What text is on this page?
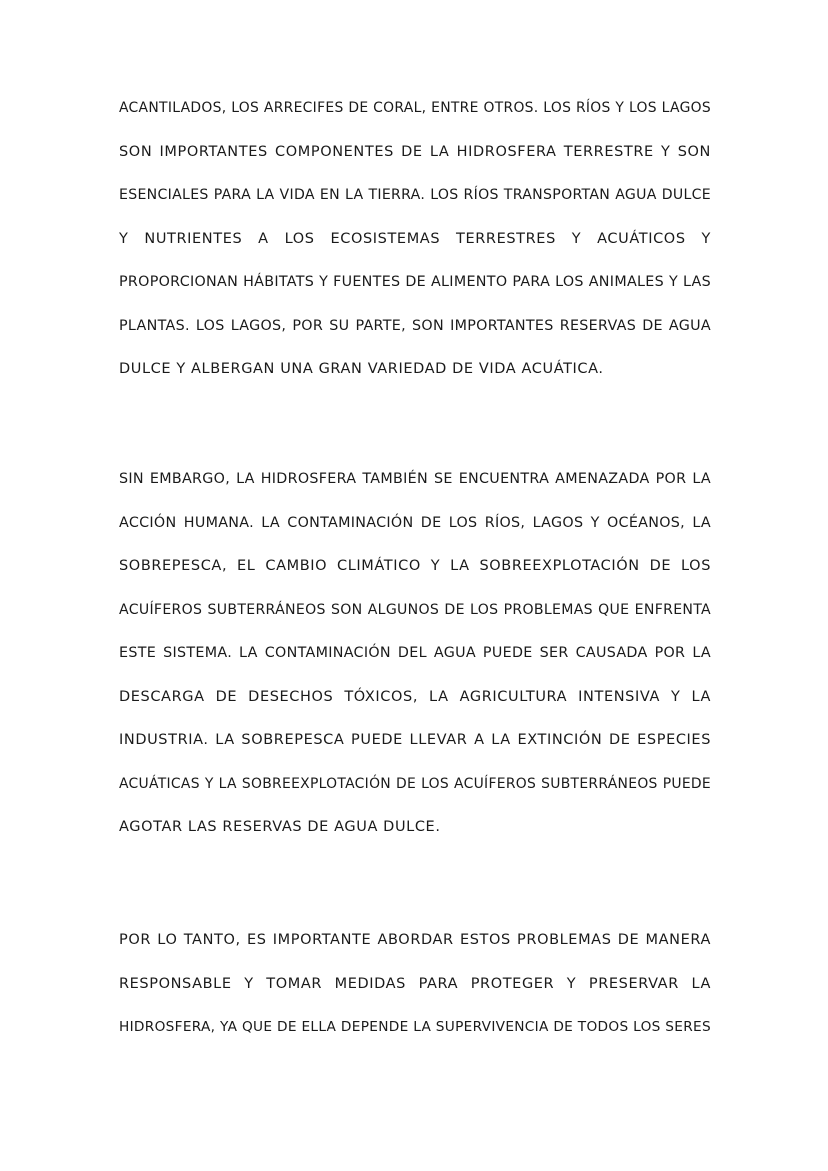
ACANTILADOS, LOS ARRECIFES DE CORAL, ENTRE OTROS. LOS RÍOS Y LOS LAGOS
SON IMPORTANTES COMPONENTES DE LA HIDROSFERA TERRESTRE Y SON
ESENCIALES PARA LA VIDA EN LA TIERRA. LOS RÍOS TRANSPORTAN AGUA DULCE
Y NUTRIENTES A LOS ECOSISTEMAS TERRESTRES Y ACUÁTICOS Y
PROPORCIONAN HÁBITATS Y FUENTES DE ALIMENTO PARA LOS ANIMALES Y LAS
PLANTAS. LOS LAGOS, POR SU PARTE, SON IMPORTANTES RESERVAS DE AGUA
DULCE Y ALBERGAN UNA GRAN VARIEDAD DE VIDA ACUÁTICA.
SIN EMBARGO, LA HIDROSFERA TAMBIÉN SE ENCUENTRA AMENAZADA POR LA
ACCIÓN HUMANA. LA CONTAMINACIÓN DE LOS RÍOS, LAGOS Y OCÉANOS, LA
SOBREPESCA, EL CAMBIO CLIMÁTICO Y LA SOBREEXPLOTACIÓN DE LOS
ACUÍFEROS SUBTERRÁNEOS SON ALGUNOS DE LOS PROBLEMAS QUE ENFRENTA
ESTE SISTEMA. LA CONTAMINACIÓN DEL AGUA PUEDE SER CAUSADA POR LA
DESCARGA DE DESECHOS TÓXICOS, LA AGRICULTURA INTENSIVA Y LA
INDUSTRIA. LA SOBREPESCA PUEDE LLEVAR A LA EXTINCIÓN DE ESPECIES
ACUÁTICAS Y LA SOBREEXPLOTACIÓN DE LOS ACUÍFEROS SUBTERRÁNEOS PUEDE
AGOTAR LAS RESERVAS DE AGUA DULCE.
POR LO TANTO, ES IMPORTANTE ABORDAR ESTOS PROBLEMAS DE MANERA
RESPONSABLE Y TOMAR MEDIDAS PARA PROTEGER Y PRESERVAR LA
HIDROSFERA, YA QUE DE ELLA DEPENDE LA SUPERVIVENCIA DE TODOS LOS SERES
